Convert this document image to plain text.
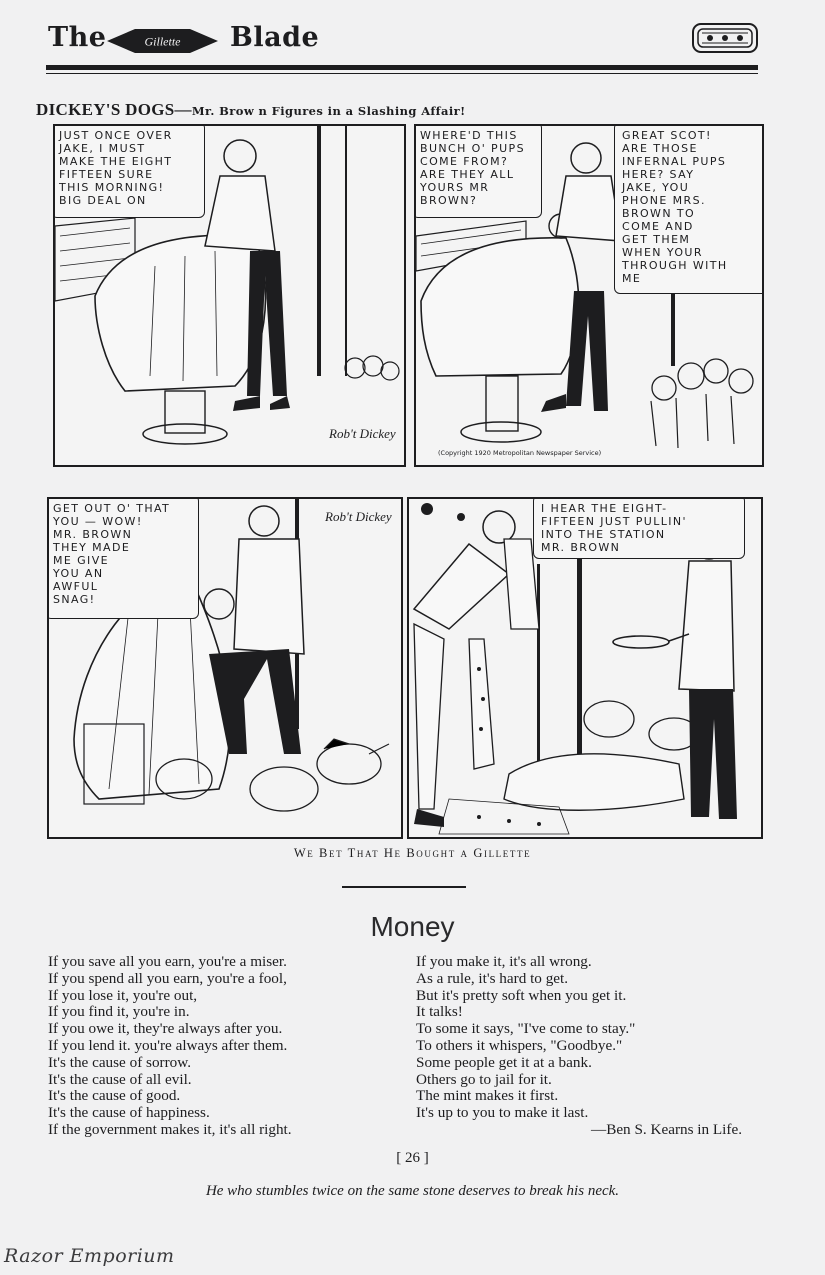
The	Gillette Blade
DICKEY'S DOGS—Mr. Brow n Figures in a Slashing Affair!
JUST ONCE OVER
JAKE, I MUST
MAKE THE EIGHT
FIFTEEN SURE
THIS MORNING!
BIG DEAL ON
Rob't Dickey
WHERE'D THIS
BUNCH O' PUPS
COME FROM?
ARE THEY ALL
YOURS MR
BROWN?
GREAT SCOT!
ARE THOSE
INFERNAL PUPS
HERE? SAY
JAKE, YOU
PHONE MRS.
BROWN TO
COME AND
GET THEM
WHEN YOUR
THROUGH WITH
ME
(Copyright 1920 Metropolitan Newspaper Service)
GET OUT O' THAT
YOU — WOW!
MR. BROWN
THEY MADE
ME GIVE
YOU AN
AWFUL
SNAG!
Rob't Dickey
I HEAR THE EIGHT-
FIFTEEN JUST PULLIN'
INTO THE STATION
MR. BROWN
We Bet That He Bought a Gillette
Money
If you save all you earn, you're a miser.
If you spend all you earn, you're a fool,
If you lose it, you're out,
If you find it, you're in.
If you owe it, they're always after you.
If you lend it. you're always after them.
It's the cause of sorrow.
It's the cause of all evil.
It's the cause of good.
It's the cause of happiness.
If the government makes it, it's all right.
If you make it, it's all wrong.
As a rule, it's hard to get.
But it's pretty soft when you get it.
It talks!
To some it says, "I've come to stay."
To others it whispers, "Goodbye."
Some people get it at a bank.
Others go to jail for it.
The mint makes it first.
It's up to you to make it last.
—Ben S. Kearns in Life.
[ 26 ]
He who stumbles twice on the same stone deserves to break his neck.
Razor Emporium
